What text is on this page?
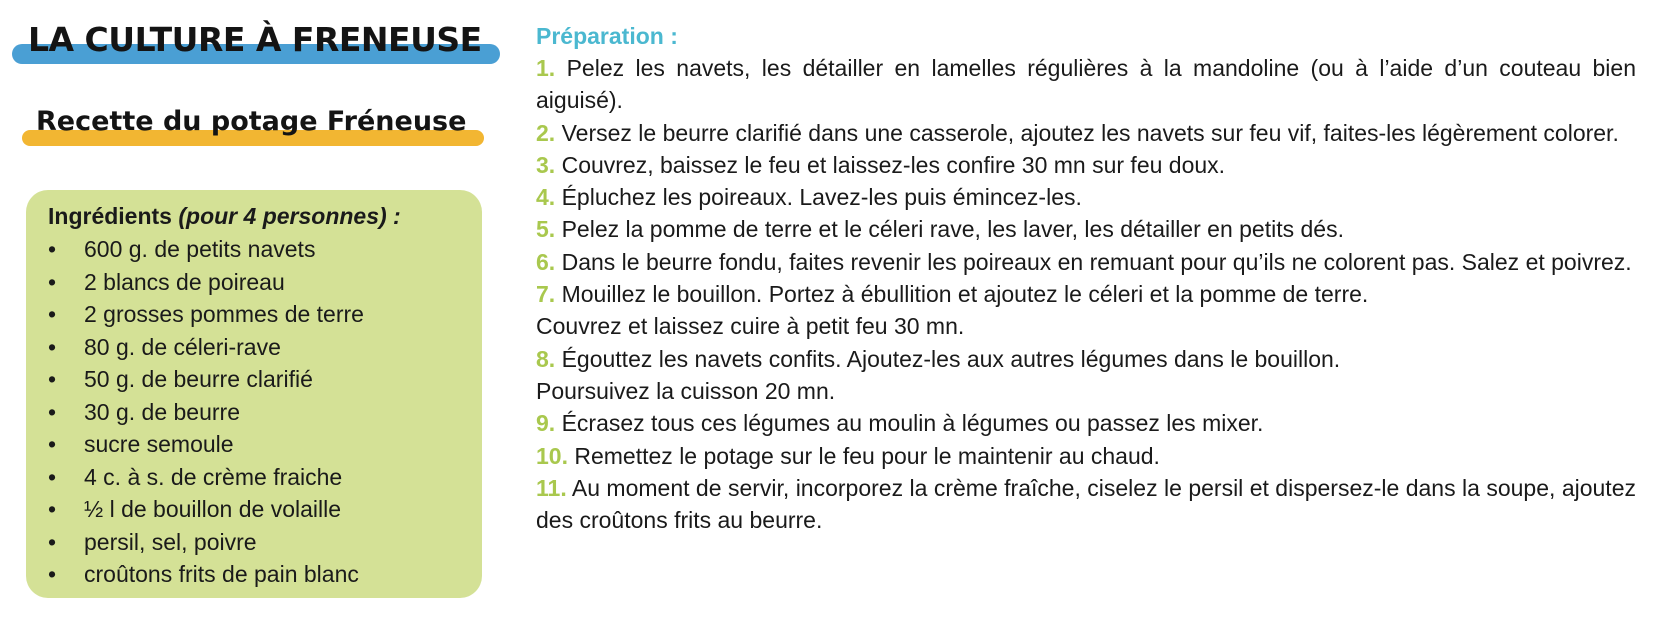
LA CULTURE À FRENEUSE
Recette du potage Fréneuse

Ingrédients (pour 4 personnes) :

•	600 g. de petits navets
•	2 blancs de poireau
•	2 grosses pommes de terre
•	80 g. de céleri-rave
•	50 g. de beurre clarifié
•	30 g. de beurre
•	sucre semoule
•	4 c. à s. de crème fraiche
•	½ l de bouillon de volaille
•	persil, sel, poivre
•	croûtons frits de pain blanc

Préparation :

1. Pelez les navets, les détailler en lamelles régulières à la mandoline (ou à l’aide d’un couteau bien aiguisé).

2. Versez le beurre clarifié dans une casserole, ajoutez les navets sur feu vif, faites-les légèrement colorer.

3. Couvrez, baissez le feu et laissez-les confire 30 mn sur feu doux.

4. Épluchez les poireaux. Lavez-les puis émincez-les.

5. Pelez la pomme de terre et le céleri rave, les laver, les détailler en petits dés.

6. Dans le beurre fondu, faites revenir les poireaux en remuant pour qu’ils ne colorent pas. Salez et poivrez.

7. Mouillez le bouillon. Portez à ébullition et ajoutez le céleri et la pomme de terre.

Couvrez et laissez cuire à petit feu 30 mn.

8. Égouttez les navets confits. Ajoutez-les aux autres légumes dans le bouillon.

Poursuivez la cuisson 20 mn.

9. Écrasez tous ces légumes au moulin à légumes ou passez les mixer.

10. Remettez le potage sur le feu pour le maintenir au chaud.

11. Au moment de servir, incorporez la crème fraîche, ciselez le persil et dispersez-le dans la soupe, ajoutez des croûtons frits au beurre.
